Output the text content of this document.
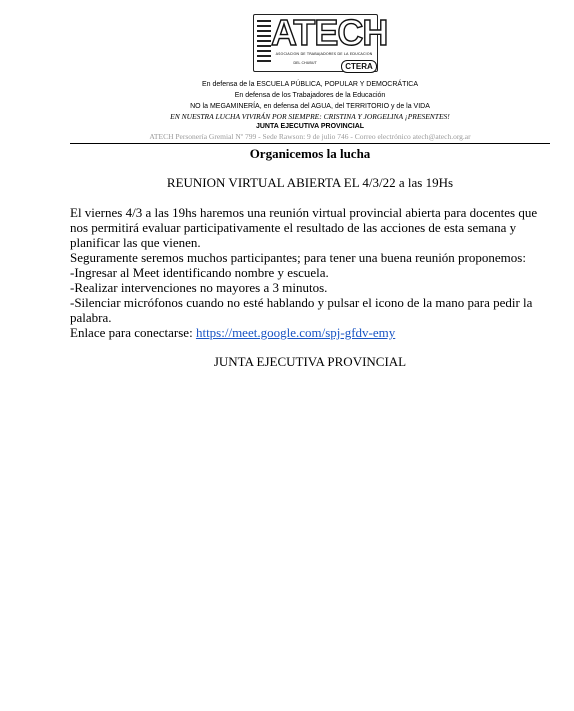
ATECH
ASOCIACION DE TRABAJADORES DE LA EDUCACION
DEL CHUBUT	CTERA
En defensa de la ESCUELA PÚBLICA, POPULAR Y DEMOCRÁTICA
En defensa de los Trabajadores de la Educación
NO la MEGAMINERÍA, en defensa del AGUA, del TERRITORIO y de la VIDA
EN NUESTRA LUCHA VIVIRÁN POR SIEMPRE: CRISTINA Y JORGELINA ¡PRESENTES!
JUNTA EJECUTIVA PROVINCIAL
ATECH Personería Gremial Nº 799 - Sede Rawson: 9 de julio 746 - Correo electrónico atech@atech.org.ar
Organicemos la lucha
REUNION VIRTUAL ABIERTA EL 4/3/22 a las 19Hs

El viernes 4/3 a las 19hs haremos una reunión virtual provincial abierta para docentes que nos permitirá evaluar participativamente el resultado de las acciones de esta semana y planificar las que vienen.

Seguramente seremos muchos participantes; para tener una buena reunión proponemos:

-Ingresar al Meet identificando nombre y escuela.

-Realizar intervenciones no mayores a 3 minutos.

-Silenciar micrófonos cuando no esté hablando y pulsar el icono de la mano para pedir la palabra.

Enlace para conectarse: https://meet.google.com/spj-gfdv-emy

JUNTA EJECUTIVA PROVINCIAL
